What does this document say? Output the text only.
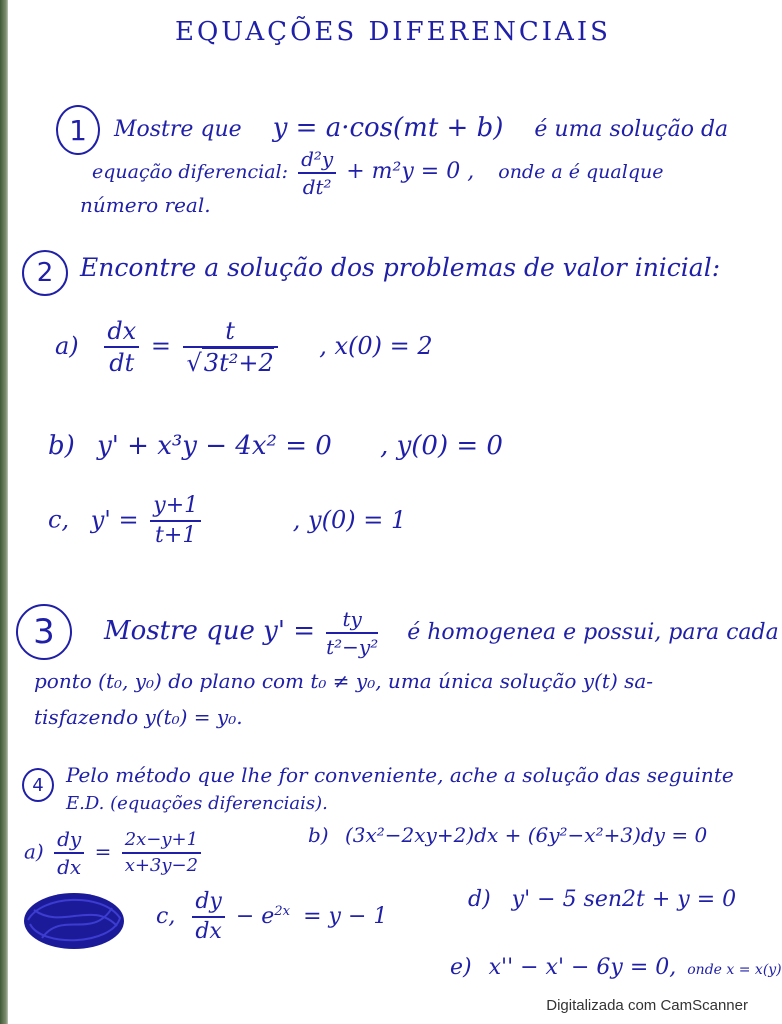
EQUAÇÕES DIFERENCIAIS
1	Mostre que y = a·cos(mt + b) é uma solução da
equação diferencial: $\frac{\text{d²y}}{\text{dt²}} + m^2y = 0$ , onde a é qualque
número real.
2	Encontre a solução dos problemas de valor inicial:
$a) \frac{dx}{dt} = \frac{t}{\text{√3t²+2}}$ , x(0) = 2
b) y' + x³y − 4x² = 0 , y(0) = 0
c, $y' = \frac{y+1}{t+1}$	, y(0) = 1
3	Mostre que $y' = \frac{ty}{\text{t²−y²}}$ é homogenea e possui, para cada
ponto (t₀, y₀) do plano com t₀ ≠ y₀, uma única solução y(t) sa-
tisfazendo y(t₀) = y₀.
4	Pelo método que lhe for conveniente, ache a solução das seguinte
E.D. (equações diferenciais).
$a) \frac{dy}{dx} = \frac{2x-y+1}{x+3y-2}$	b) (3x²−2xy+2)dx + (6y²−x²+3)dy = 0
c, $\frac{dy}{dx} - e^{2x} = y - 1$
d) y' − 5 sen2t + y = 0
e) x'' − x' − 6y = 0, onde x = x(y)
Digitalizada com CamScanner
